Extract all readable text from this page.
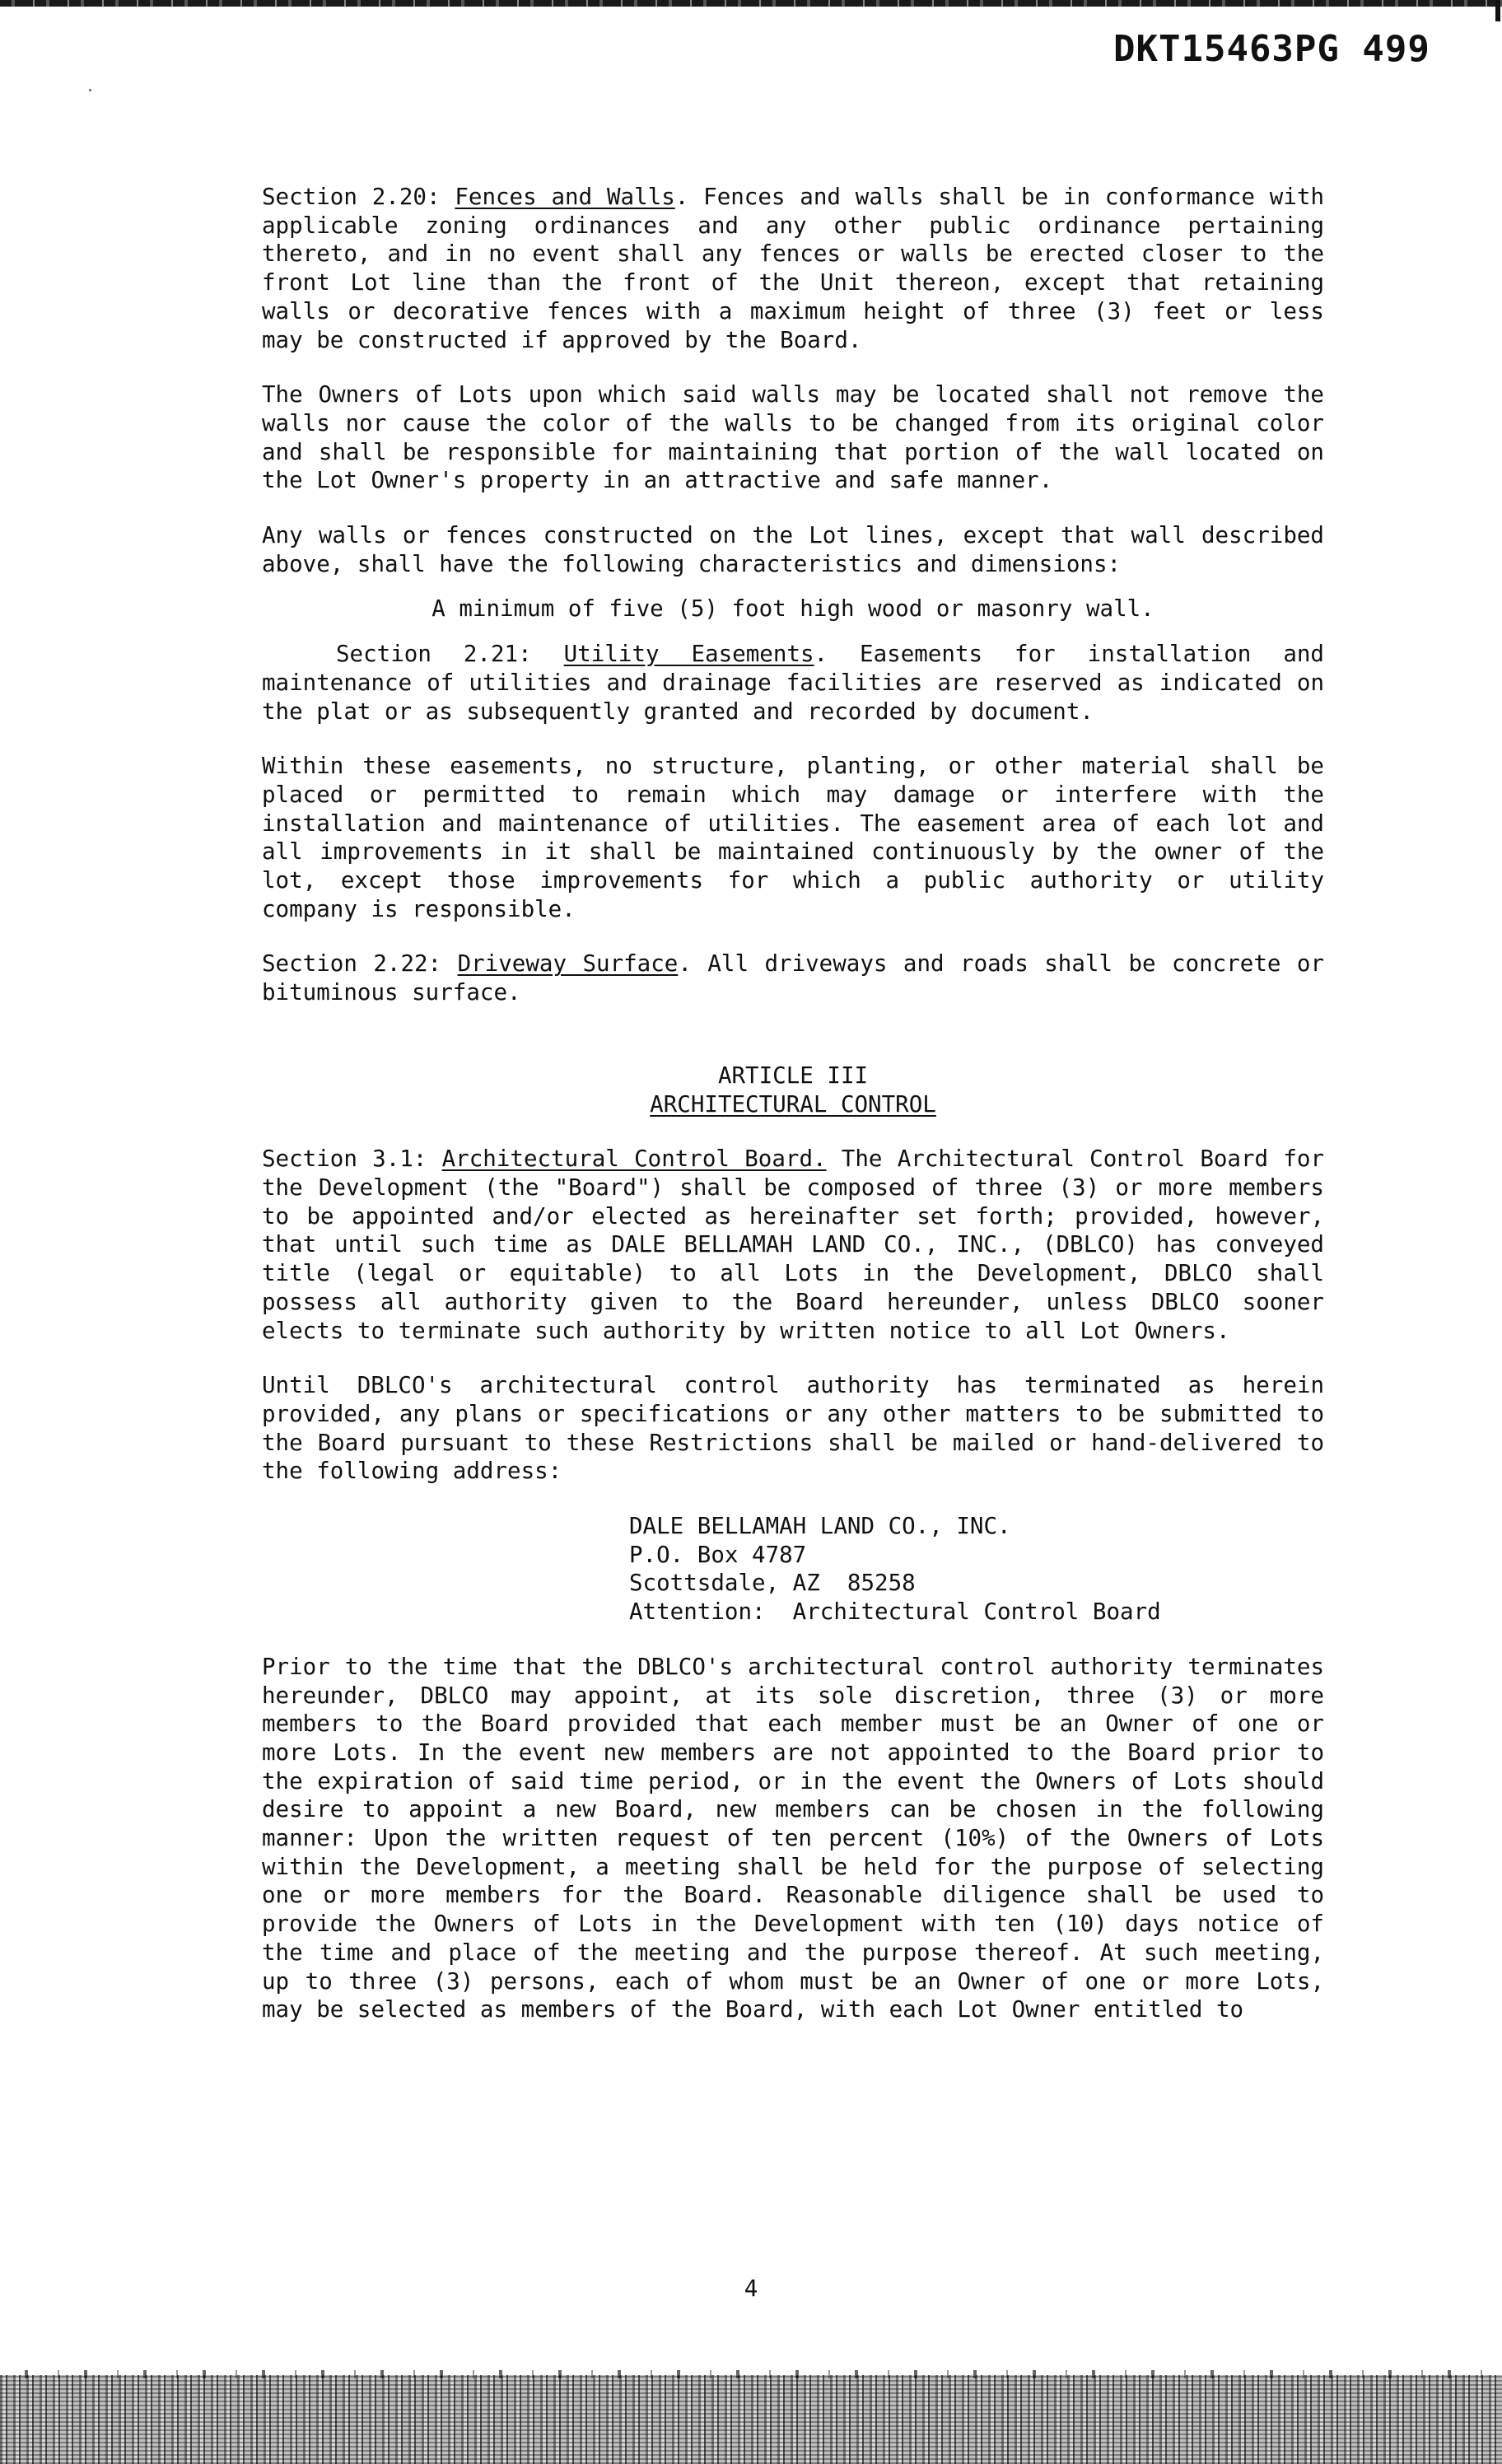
DKT15463PG 499

Section 2.20: Fences and Walls. Fences and walls shall be in conformance with applicable zoning ordinances and any other public ordinance pertaining thereto, and in no event shall any fences or walls be erected closer to the front Lot line than the front of the Unit thereon, except that retaining walls or decorative fences with a maximum height of three (3) feet or less may be constructed if approved by the Board.

The Owners of Lots upon which said walls may be located shall not remove the walls nor cause the color of the walls to be changed from its original color and shall be responsible for maintaining that portion of the wall located on the Lot Owner's property in an attractive and safe manner.

Any walls or fences constructed on the Lot lines, except that wall described above, shall have the following characteristics and dimensions:

A minimum of five (5) foot high wood or masonry wall.

Section 2.21: Utility Easements. Easements for installation and maintenance of utilities and drainage facilities are reserved as indicated on the plat or as subsequently granted and recorded by document.

Within these easements, no structure, planting, or other material shall be placed or permitted to remain which may damage or interfere with the installation and maintenance of utilities. The easement area of each lot and all improvements in it shall be maintained continuously by the owner of the lot, except those improvements for which a public authority or utility company is responsible.

Section 2.22: Driveway Surface. All driveways and roads shall be concrete or bituminous surface.

ARTICLE III
ARCHITECTURAL CONTROL

Section 3.1: Architectural Control Board. The Architectural Control Board for the Development (the "Board") shall be composed of three (3) or more members to be appointed and/or elected as hereinafter set forth; provided, however, that until such time as DALE BELLAMAH LAND CO., INC., (DBLCO) has conveyed title (legal or equitable) to all Lots in the Development, DBLCO shall possess all authority given to the Board hereunder, unless DBLCO sooner elects to terminate such authority by written notice to all Lot Owners.

Until DBLCO's architectural control authority has terminated as herein provided, any plans or specifications or any other matters to be submitted to the Board pursuant to these Restrictions shall be mailed or hand-delivered to the following address:

DALE BELLAMAH LAND CO., INC.
P.O. Box 4787
Scottsdale, AZ  85258
Attention:  Architectural Control Board

Prior to the time that the DBLCO's architectural control authority terminates hereunder, DBLCO may appoint, at its sole discretion, three (3) or more members to the Board provided that each member must be an Owner of one or more Lots. In the event new members are not appointed to the Board prior to the expiration of said time period, or in the event the Owners of Lots should desire to appoint a new Board, new members can be chosen in the following manner: Upon the written request of ten percent (10%) of the Owners of Lots within the Development, a meeting shall be held for the purpose of selecting one or more members for the Board. Reasonable diligence shall be used to provide the Owners of Lots in the Development with ten (10) days notice of the time and place of the meeting and the purpose thereof. At such meeting, up to three (3) persons, each of whom must be an Owner of one or more Lots, may be selected as members of the Board, with each Lot Owner entitled to

4
